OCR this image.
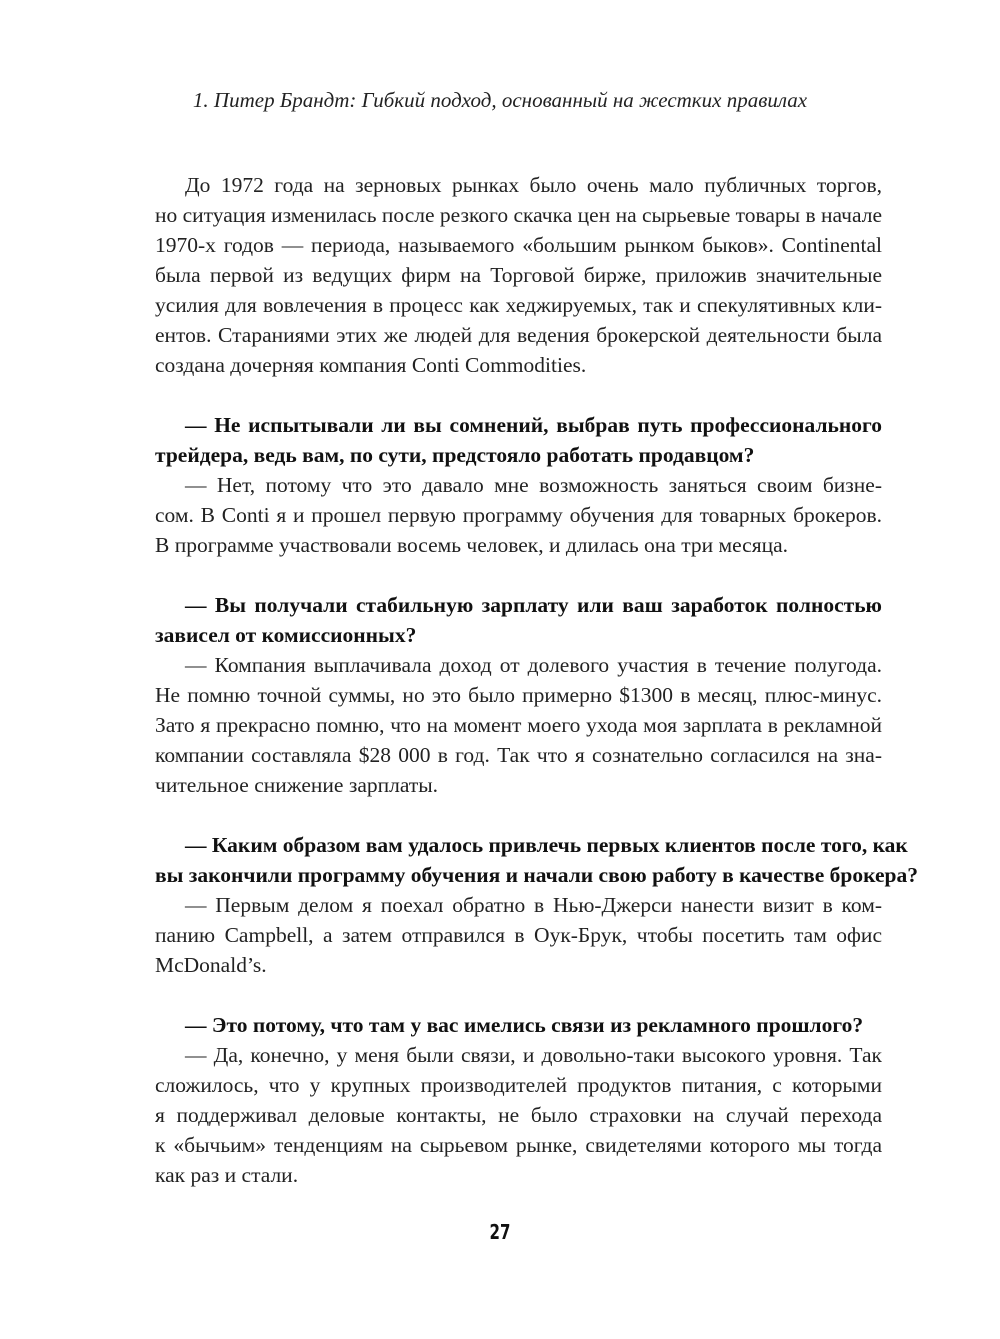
1. Питер Брандт: Гибкий подход, основанный на жестких правилах
До 1972 года на зерновых рынках было очень мало публичных торгов,
но ситуация изменилась после резкого скачка цен на сырьевые товары в начале
1970-х годов — периода, называемого «большим рынком быков». Continental
была первой из ведущих фирм на Торговой бирже, приложив значительные
усилия для вовлечения в процесс как хеджируемых, так и спекулятивных кли-
ентов. Стараниями этих же людей для ведения брокерской деятельности была
создана дочерняя компания Conti Commodities.
— Не испытывали ли вы сомнений, выбрав путь профессионального
трейдера, ведь вам, по сути, предстояло работать продавцом?
— Нет, потому что это давало мне возможность заняться своим бизне-
сом. В Conti я и прошел первую программу обучения для товарных брокеров.
В программе участвовали восемь человек, и длилась она три месяца.
— Вы получали стабильную зарплату или ваш заработок полностью
зависел от комиссионных?
— Компания выплачивала доход от долевого участия в течение полугода.
Не помню точной суммы, но это было примерно $1300 в месяц, плюс-минус.
Зато я прекрасно помню, что на момент моего ухода моя зарплата в рекламной
компании составляла $28 000 в год. Так что я сознательно согласился на зна-
чительное снижение зарплаты.
— Каким образом вам удалось привлечь первых клиентов после того, как
вы закончили программу обучения и начали свою работу в качестве брокера?
— Первым делом я поехал обратно в Нью-Джерси нанести визит в ком-
панию Campbell, а затем отправился в Оук-Брук, чтобы посетить там офис
McDonald’s.
— Это потому, что там у вас имелись связи из рекламного прошлого?
— Да, конечно, у меня были связи, и довольно-таки высокого уровня. Так
сложилось, что у крупных производителей продуктов питания, с которыми
я поддерживал деловые контакты, не было страховки на случай перехода
к «бычьим» тенденциям на сырьевом рынке, свидетелями которого мы тогда
как раз и стали.
27
